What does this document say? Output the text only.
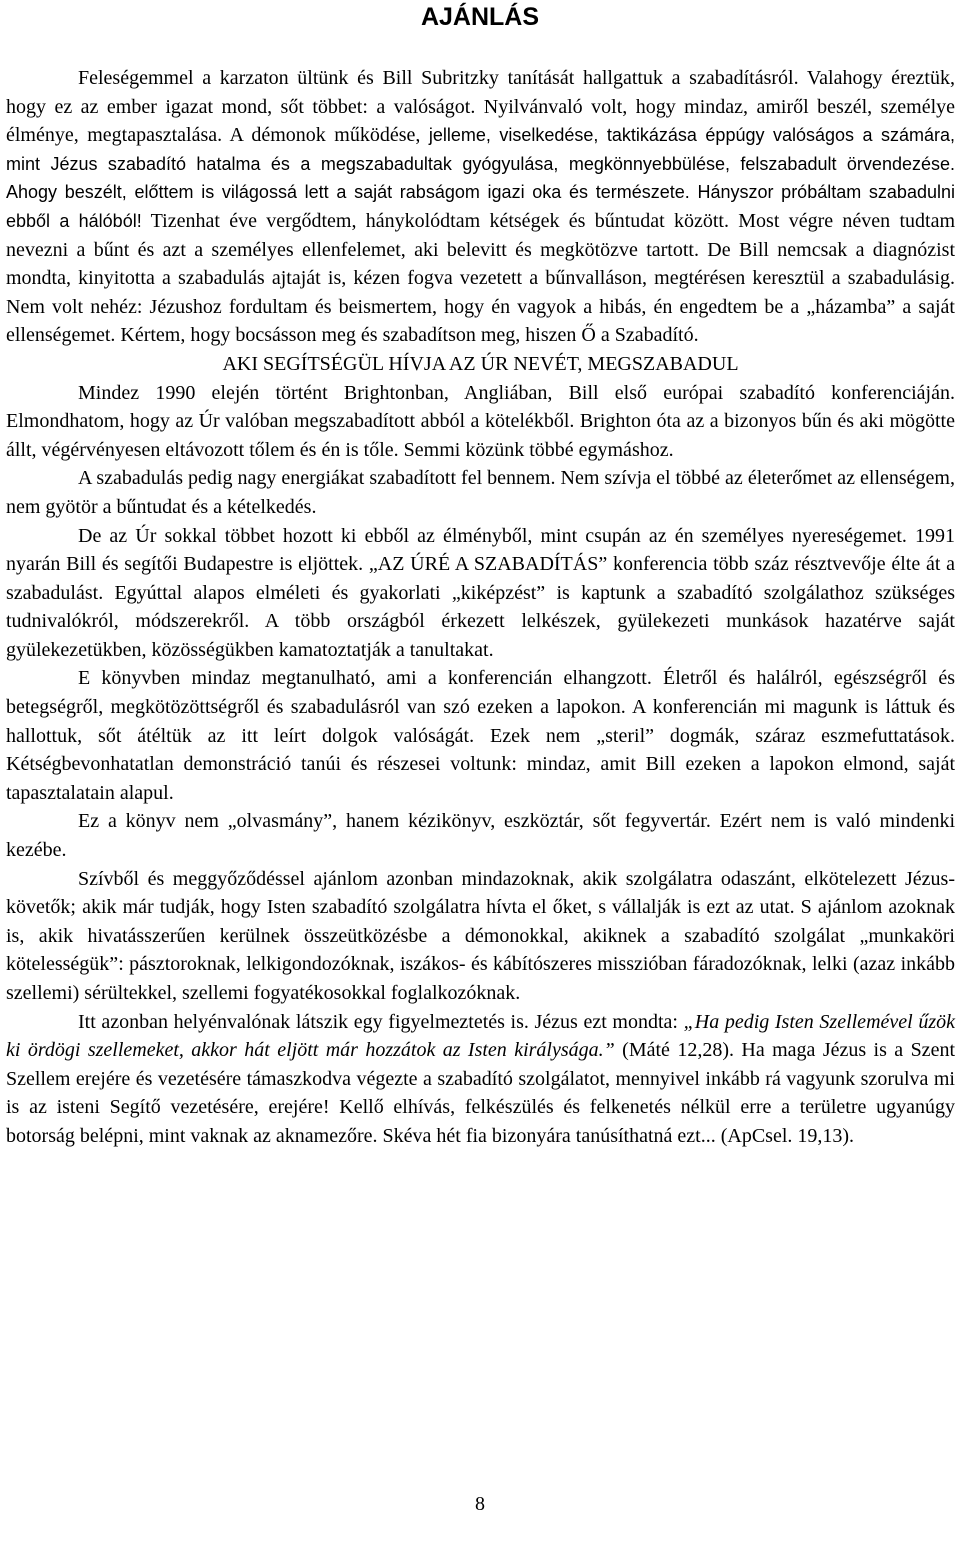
AJÁNLÁS

Feleségemmel a karzaton ültünk és Bill Subritzky tanítását hallgattuk a szabadításról. Valahogy éreztük, hogy ez az ember igazat mond, sőt többet: a valóságot. Nyilvánvaló volt, hogy mindaz, amiről beszél, személye élménye, megtapasztalása. A démonok működése, jelleme, viselkedése, taktikázása éppúgy valóságos a számára, mint Jézus szabadító hatalma és a megszabadultak gyógyulása, megkönnyebbülése, felszabadult örvendezése. Ahogy beszélt, előttem is világossá lett a saját rabságom igazi oka és természete. Hányszor próbáltam szabadulni ebből a hálóból! Tizenhat éve vergődtem, hánykolódtam kétségek és bűntudat között. Most végre néven tudtam nevezni a bűnt és azt a személyes ellenfelemet, aki belevitt és megkötözve tartott. De Bill nemcsak a diagnózist mondta, kinyitotta a szabadulás ajtaját is, kézen fogva vezetett a bűnvalláson, megtérésen keresztül a szabadulásig. Nem volt nehéz: Jézushoz fordultam és beismertem, hogy én vagyok a hibás, én engedtem be a „házamba” a saját ellenségemet. Kértem, hogy bocsásson meg és szabadítson meg, hiszen Ő a Szabadító.

AKI SEGÍTSÉGÜL HÍVJA AZ ÚR NEVÉT, MEGSZABADUL

Mindez 1990 elején történt Brightonban, Angliában, Bill első európai szabadító konferenciáján. Elmondhatom, hogy az Úr valóban megszabadított abból a kötelékből. Brighton óta az a bizonyos bűn és aki mögötte állt, végérvényesen eltávozott tőlem és én is tőle. Semmi közünk többé egymáshoz.

A szabadulás pedig nagy energiákat szabadított fel bennem. Nem szívja el többé az életerőmet az ellenségem, nem gyötör a bűntudat és a kételkedés.

De az Úr sokkal többet hozott ki ebből az élményből, mint csupán az én személyes nyereségemet. 1991 nyarán Bill és segítői Budapestre is eljöttek. „AZ ÚRÉ A SZABADÍTÁS” konferencia több száz résztvevője élte át a szabadulást. Egyúttal alapos elméleti és gyakorlati „kiképzést” is kaptunk a szabadító szolgálathoz szükséges tudnivalókról, módszerekről. A több országból érkezett lelkészek, gyülekezeti munkások hazatérve saját gyülekezetükben, közösségükben kamatoztatják a tanultakat.

E könyvben mindaz megtanulható, ami a konferencián elhangzott. Életről és halálról, egészségről és betegségről, megkötözöttségről és szabadulásról van szó ezeken a lapokon. A konferencián mi magunk is láttuk és hallottuk, sőt átéltük az itt leírt dolgok valóságát. Ezek nem „steril” dogmák, száraz eszmefuttatások. Kétségbevonhatatlan demonstráció tanúi és részesei voltunk: mindaz, amit Bill ezeken a lapokon elmond, saját tapasztalatain alapul.

Ez a könyv nem „olvasmány”, hanem kézikönyv, eszköztár, sőt fegyvertár. Ezért nem is való mindenki kezébe.

Szívből és meggyőződéssel ajánlom azonban mindazoknak, akik szolgálatra odaszánt, elkötelezett Jézus-követők; akik már tudják, hogy Isten szabadító szolgálatra hívta el őket, s vállalják is ezt az utat. S ajánlom azoknak is, akik hivatásszerűen kerülnek összeütközésbe a démonokkal, akiknek a szabadító szolgálat „munkaköri kötelességük”: pásztoroknak, lelkigondozóknak, iszákos- és kábítószeres misszióban fáradozóknak, lelki (azaz inkább szellemi) sérültekkel, szellemi fogyatékosokkal foglalkozóknak.

Itt azonban helyénvalónak látszik egy figyelmeztetés is. Jézus ezt mondta: „Ha pedig Isten Szellemével űzök ki ördögi szellemeket, akkor hát eljött már hozzátok az Isten királysága.” (Máté 12,28). Ha maga Jézus is a Szent Szellem erejére és vezetésére támaszkodva végezte a szabadító szolgálatot, mennyivel inkább rá vagyunk szorulva mi is az isteni Segítő vezetésére, erejére! Kellő elhívás, felkészülés és felkenetés nélkül erre a területre ugyanúgy botorság belépni, mint vaknak az aknamezőre. Skéva hét fia bizonyára tanúsíthatná ezt... (ApCsel. 19,13).

8
